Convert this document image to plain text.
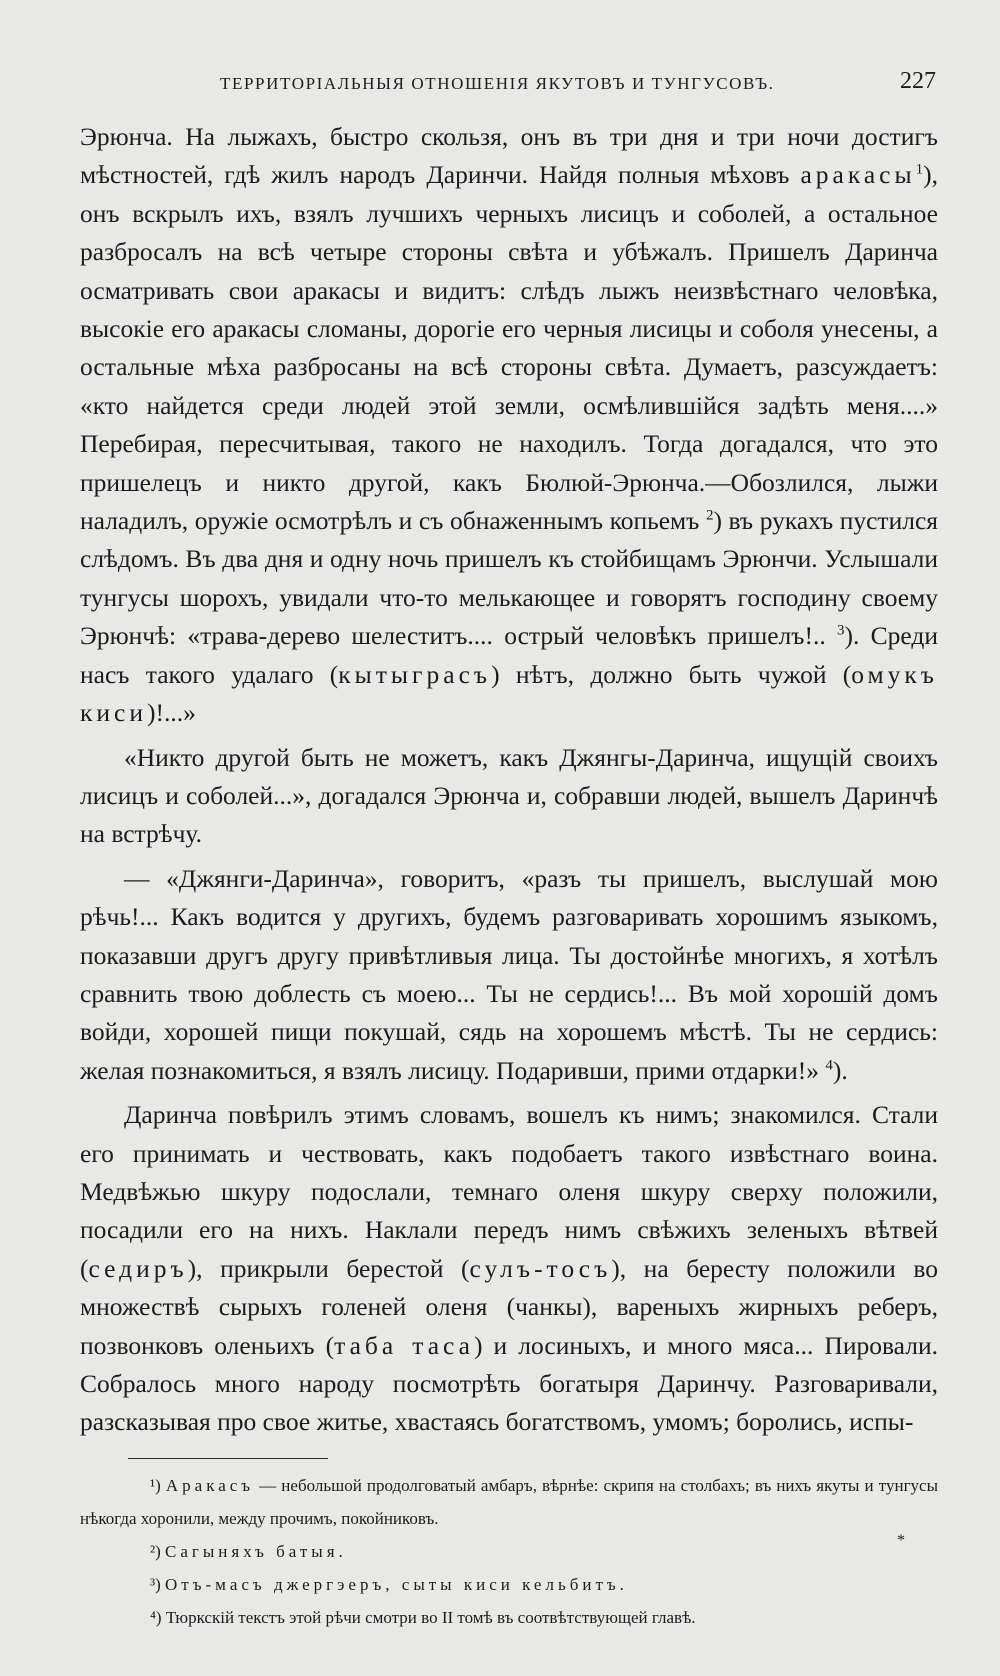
ТЕРРИТОРІАЛЬНЫЯ ОТНОШЕНІЯ ЯКУТОВЪ И ТУНГУСОВЪ.	227

Эрюнча. На лыжахъ, быстро скользя, онъ въ три дня и три ночи достигъ мѣстностей, гдѣ жилъ народъ Даринчи. Найдя полныя мѣховъ аракасы$^1$), онъ вскрылъ ихъ, взялъ лучшихъ черныхъ лисицъ и соболей, а остальное разбросалъ на всѣ четыре стороны свѣта и убѣжалъ. Пришелъ Даринча осматривать свои аракасы и видитъ: слѣдъ лыжъ неизвѣстнаго человѣка, высокіе его аракасы сломаны, дорогіе его черныя лисицы и соболя унесены, а остальные мѣха разбросаны на всѣ стороны свѣта. Думаетъ, разсуждаетъ: «кто найдется среди людей этой земли, осмѣлившійся задѣть меня....» Перебирая, пересчитывая, такого не находилъ. Тогда догадался, что это пришелецъ и никто другой, какъ Бюлюй-Эрюнча.—Обозлился, лыжи наладилъ, оружіе осмотрѣлъ и съ обнаженнымъ копьемъ $^2$) въ рукахъ пустился слѣдомъ. Въ два дня и одну ночь пришелъ къ стойбищамъ Эрюнчи. Услышали тунгусы шорохъ, увидали что-то мелькающее и говорятъ господину своему Эрюнчѣ: «трава-дерево шелеститъ.... острый человѣкъ пришелъ!.. $^3$). Среди насъ такого удалаго (кытыграсъ) нѣтъ, должно быть чужой (омукъ киси)!...»

«Никто другой быть не можетъ, какъ Джянгы-Даринча, ищущій своихъ лисицъ и соболей...», догадался Эрюнча и, собравши людей, вышелъ Даринчѣ на встрѣчу.

— «Джянги-Даринча», говоритъ, «разъ ты пришелъ, выслушай мою рѣчь!... Какъ водится у другихъ, будемъ разговаривать хорошимъ языкомъ, показавши другъ другу привѣтливыя лица. Ты достойнѣе многихъ, я хотѣлъ сравнить твою доблесть съ моею... Ты не сердись!... Въ мой хорошій домъ войди, хорошей пищи покушай, сядь на хорошемъ мѣстѣ. Ты не сердись: желая познакомиться, я взялъ лисицу. Подаривши, прими отдарки!» $^4$).

Даринча повѣрилъ этимъ словамъ, вошелъ къ нимъ; знакомился. Стали его принимать и чествовать, какъ подобаетъ такого извѣстнаго воина. Медвѣжью шкуру подослали, темнаго оленя шкуру сверху положили, посадили его на нихъ. Наклали передъ нимъ свѣжихъ зеленыхъ вѣтвей (седиръ), прикрыли берестой (сулъ-тосъ), на бересту положили во множествѣ сырыхъ голеней оленя (чанкы), вареныхъ жирныхъ реберъ, позвонковъ оленьихъ (таба таса) и лосиныхъ, и много мяса... Пировали. Собралось много народу посмотрѣть богатыря Даринчу. Разговаривали, разсказывая про свое житье, хвастаясь богатствомъ, умомъ; боролись, испы-

¹) Аракасъ — небольшой продолговатый амбаръ, вѣрнѣе: скрипя на столбахъ; въ нихъ якуты и тунгусы нѣкогда хоронили, между прочимъ, покойниковъ.

²) Сагыняхъ батыя.

³) Отъ-масъ джергэеръ, сыты киси кельбитъ.

⁴) Тюркскій текстъ этой рѣчи смотри во II томѣ въ соотвѣтствующей главѣ.

*
